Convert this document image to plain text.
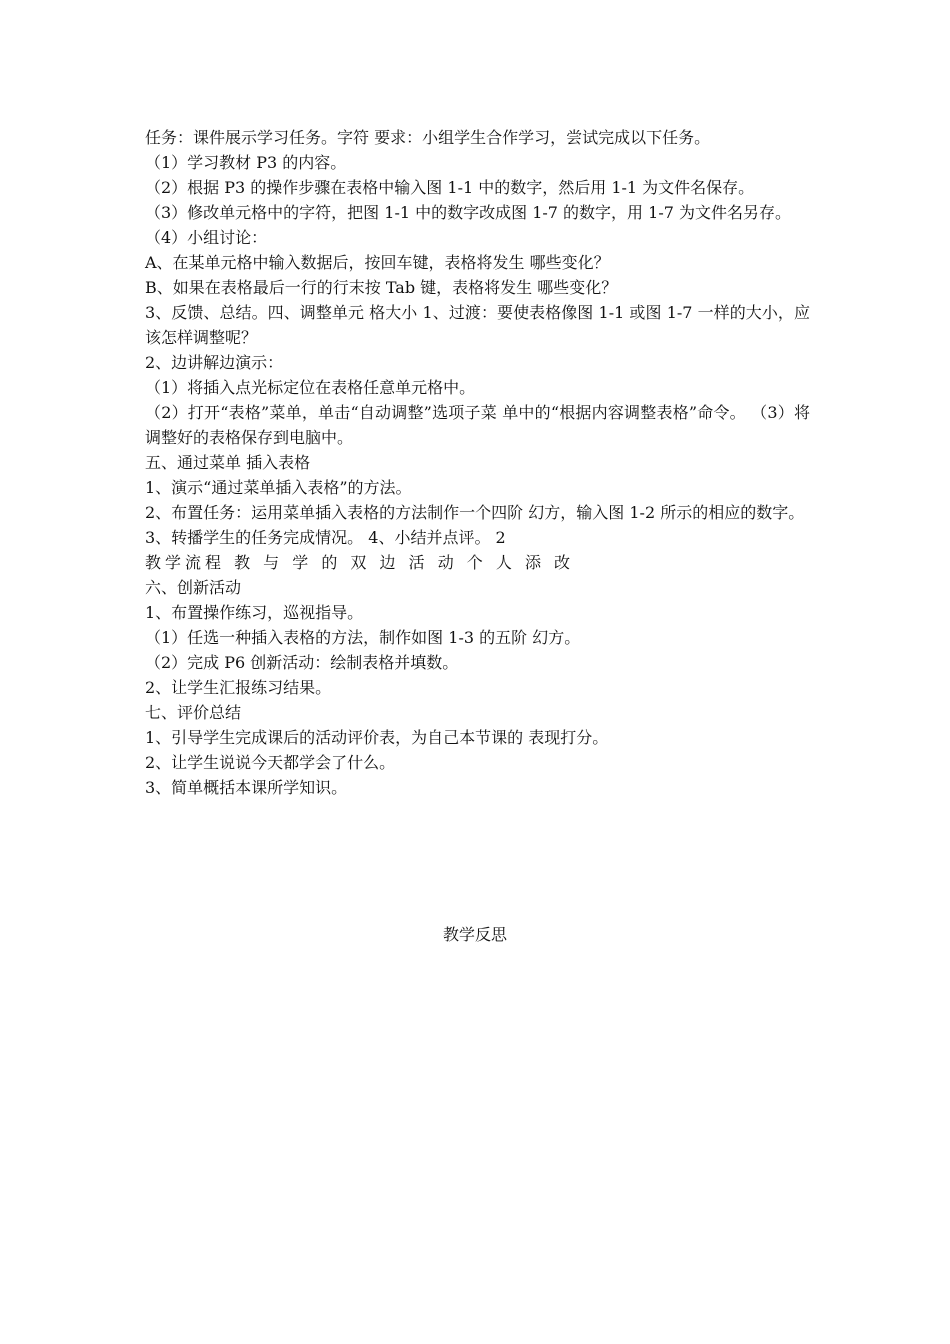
任务：课件展示学习任务。字符 要求：小组学生合作学习，尝试完成以下任务。
（1）学习教材 P3 的内容。
（2）根据 P3 的操作步骤在表格中输入图 1-1 中的数字，然后用 1-1 为文件名保存。
（3）修改单元格中的字符，把图 1-1 中的数字改成图 1-7 的数字，用 1-7 为文件名另存。
（4）小组讨论：
A、在某单元格中输入数据后，按回车键，表格将发生 哪些变化？
B、如果在表格最后一行的行末按 Tab 键，表格将发生 哪些变化？
3、反馈、总结。四、调整单元 格大小 1、过渡：要使表格像图 1-1 或图 1-7 一样的大小，应 该怎样调整呢？
2、边讲解边演示：
（1）将插入点光标定位在表格任意单元格中。
（2）打开“表格”菜单，单击“自动调整”选项子菜 单中的“根据内容调整表格”命令。 （3）将调整好的表格保存到电脑中。
五、通过菜单 插入表格
1、演示“通过菜单插入表格”的方法。
2、布置任务：运用菜单插入表格的方法制作一个四阶 幻方，输入图 1-2 所示的相应的数字。
3、转播学生的任务完成情况。 4、小结并点评。 2
教学流程 教 与 学 的 双 边 活 动 个 人 添 改
六、创新活动
1、布置操作练习，巡视指导。
（1）任选一种插入表格的方法，制作如图 1-3 的五阶 幻方。
（2）完成 P6 创新活动：绘制表格并填数。
2、让学生汇报练习结果。
七、评价总结
1、引导学生完成课后的活动评价表，为自己本节课的 表现打分。
2、让学生说说今天都学会了什么。
3、简单概括本课所学知识。
教学反思
